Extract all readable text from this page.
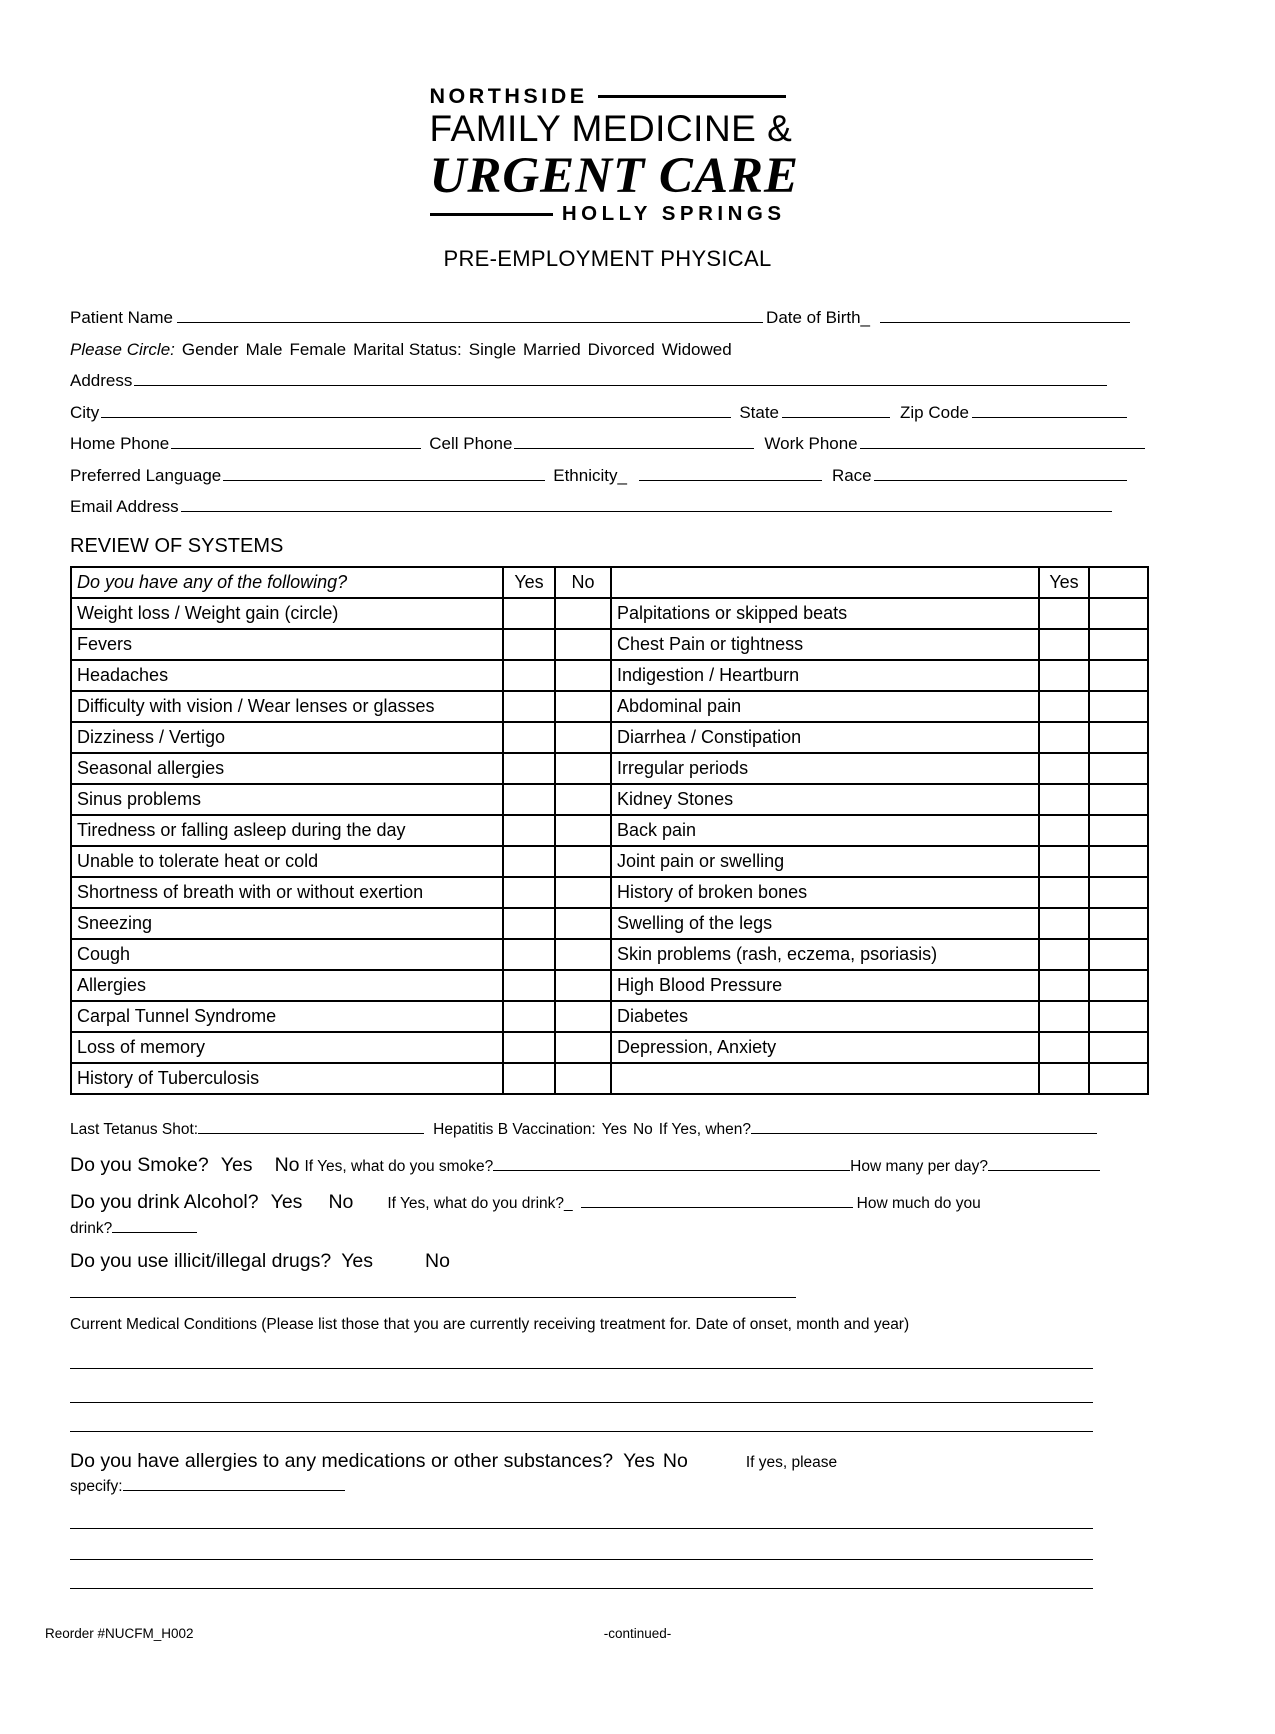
NORTHSIDE
FAMILY MEDICINE &
URGENT CARE
HOLLY SPRINGS
PRE-EMPLOYMENT PHYSICAL
Patient Name	Date of Birth_
Please Circle: Gender Male Female Marital Status: Single Married Divorced Widowed
Address
City	State	Zip Code
Home Phone	Cell Phone	Work Phone
Preferred Language	Ethnicity_	Race
Email Address
REVIEW OF SYSTEMS
Do you have any of the following?	Yes	No		Yes	
Weight loss / Weight gain (circle)			Palpitations or skipped beats		
Fevers			Chest Pain or tightness		
Headaches			Indigestion / Heartburn		
Difficulty with vision / Wear lenses or glasses			Abdominal pain		
Dizziness / Vertigo			Diarrhea / Constipation		
Seasonal allergies			Irregular periods		
Sinus problems			Kidney Stones		
Tiredness or falling asleep during the day			Back pain		
Unable to tolerate heat or cold			Joint pain or swelling		
Shortness of breath with or without exertion			History of broken bones		
Sneezing			Swelling of the legs		
Cough			Skin problems (rash, eczema, psoriasis)		
Allergies			High Blood Pressure		
Carpal Tunnel Syndrome			Diabetes		
Loss of memory			Depression, Anxiety		
History of Tuberculosis					
Last Tetanus Shot:	Hepatitis B Vaccination: Yes No If Yes, when?
Do you Smoke? Yes No If Yes, what do you smoke?	How many per day?
Do you drink Alcohol? Yes No If Yes, what do you drink?_	How much do you
drink?
Do you use illicit/illegal drugs? Yes	No
Current Medical Conditions (Please list those that you are currently receiving treatment for. Date of onset, month and year)
Do you have allergies to any medications or other substances? Yes No	If yes, please
specify:
-continued-
Reorder #NUCFM_H002
